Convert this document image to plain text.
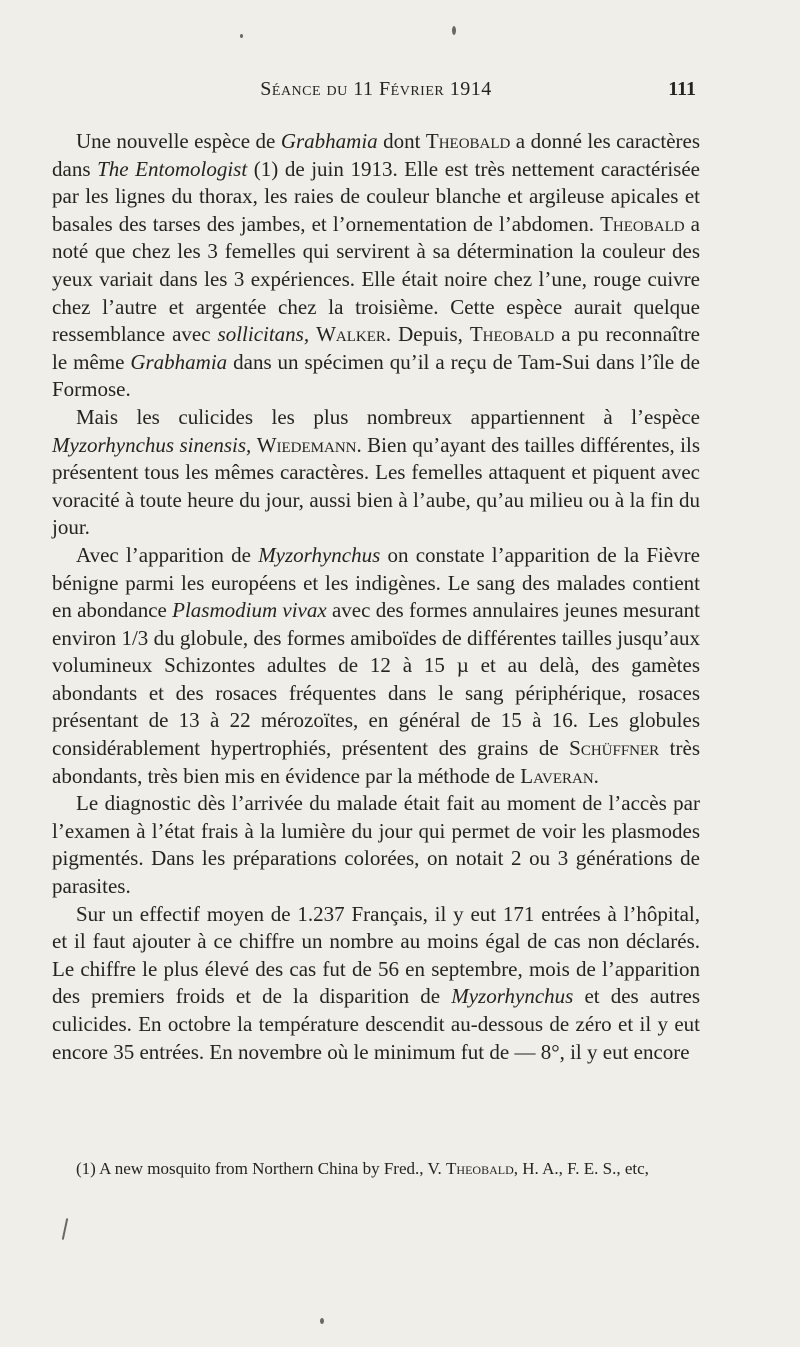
Séance du 11 Février 1914	111

Une nouvelle espèce de Grabhamia dont Theobald a donné les caractères dans The Entomologist (1) de juin 1913. Elle est très nettement caractérisée par les lignes du thorax, les raies de couleur blanche et argileuse apicales et basales des tarses des jambes, et l’ornementation de l’abdomen. Theobald a noté que chez les 3 femelles qui servirent à sa détermination la couleur des yeux variait dans les 3 expériences. Elle était noire chez l’une, rouge cuivre chez l’autre et argentée chez la troisième. Cette espèce aurait quelque ressemblance avec sollicitans, Walker. Depuis, Theobald a pu reconnaître le même Grabhamia dans un spécimen qu’il a reçu de Tam-Sui dans l’île de Formose.

Mais les culicides les plus nombreux appartiennent à l’espèce Myzorhynchus sinensis, Wiedemann. Bien qu’ayant des tailles différentes, ils présentent tous les mêmes caractères. Les femelles attaquent et piquent avec voracité à toute heure du jour, aussi bien à l’aube, qu’au milieu ou à la fin du jour.

Avec l’apparition de Myzorhynchus on constate l’apparition de la Fièvre bénigne parmi les européens et les indigènes. Le sang des malades contient en abondance Plasmodium vivax avec des formes annulaires jeunes mesurant environ 1/3 du globule, des formes amiboïdes de différentes tailles jusqu’aux volumineux Schizontes adultes de 12 à 15 µ et au delà, des gamètes abondants et des rosaces fréquentes dans le sang périphérique, rosaces présentant de 13 à 22 mérozoïtes, en général de 15 à 16. Les globules considérablement hypertrophiés, présentent des grains de Schüffner très abondants, très bien mis en évidence par la méthode de Laveran.

Le diagnostic dès l’arrivée du malade était fait au moment de l’accès par l’examen à l’état frais à la lumière du jour qui permet de voir les plasmodes pigmentés. Dans les préparations colorées, on notait 2 ou 3 générations de parasites.

Sur un effectif moyen de 1.237 Français, il y eut 171 entrées à l’hôpital, et il faut ajouter à ce chiffre un nombre au moins égal de cas non déclarés. Le chiffre le plus élevé des cas fut de 56 en septembre, mois de l’apparition des premiers froids et de la disparition de Myzorhynchus et des autres culicides. En octobre la température descendit au-dessous de zéro et il y eut encore 35 entrées. En novembre où le minimum fut de — 8°, il y eut encore

(1) A new mosquito from Northern China by Fred., V. Theobald, H. A., F. E. S., etc,
